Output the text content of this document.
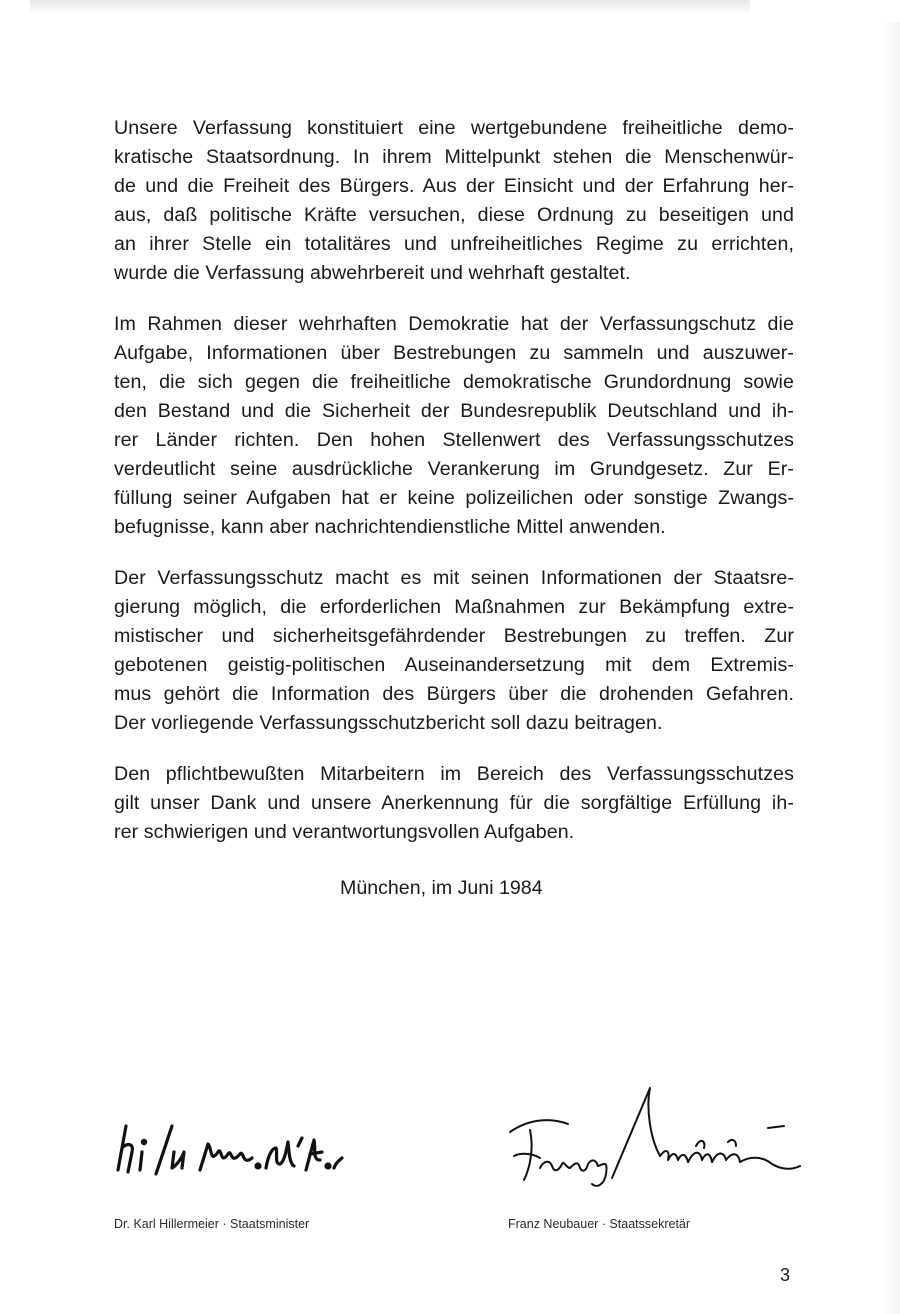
Unsere Verfassung konstituiert eine wertgebundene freiheitliche demo-
kratische Staatsordnung. In ihrem Mittelpunkt stehen die Menschenwür-
de und die Freiheit des Bürgers. Aus der Einsicht und der Erfahrung her-
aus, daß politische Kräfte versuchen, diese Ordnung zu beseitigen und
an ihrer Stelle ein totalitäres und unfreiheitliches Regime zu errichten,
wurde die Verfassung abwehrbereit und wehrhaft gestaltet.

Im Rahmen dieser wehrhaften Demokratie hat der Verfassungschutz die
Aufgabe, Informationen über Bestrebungen zu sammeln und auszuwer-
ten, die sich gegen die freiheitliche demokratische Grundordnung sowie
den Bestand und die Sicherheit der Bundesrepublik Deutschland und ih-
rer Länder richten. Den hohen Stellenwert des Verfassungsschutzes
verdeutlicht seine ausdrückliche Verankerung im Grundgesetz. Zur Er-
füllung seiner Aufgaben hat er keine polizeilichen oder sonstige Zwangs-
befugnisse, kann aber nachrichtendienstliche Mittel anwenden.

Der Verfassungsschutz macht es mit seinen Informationen der Staatsre-
gierung möglich, die erforderlichen Maßnahmen zur Bekämpfung extre-
mistischer und sicherheitsgefährdender Bestrebungen zu treffen. Zur
gebotenen geistig-politischen Auseinandersetzung mit dem Extremis-
mus gehört die Information des Bürgers über die drohenden Gefahren.
Der vorliegende Verfassungsschutzbericht soll dazu beitragen.

Den pflichtbewußten Mitarbeitern im Bereich des Verfassungsschutzes
gilt unser Dank und unsere Anerkennung für die sorgfältige Erfüllung ih-
rer schwierigen und verantwortungsvollen Aufgaben.

München, im Juni 1984
Dr. Karl Hillermeier · Staatsminister	Franz Neubauer · Staatssekretär
3
